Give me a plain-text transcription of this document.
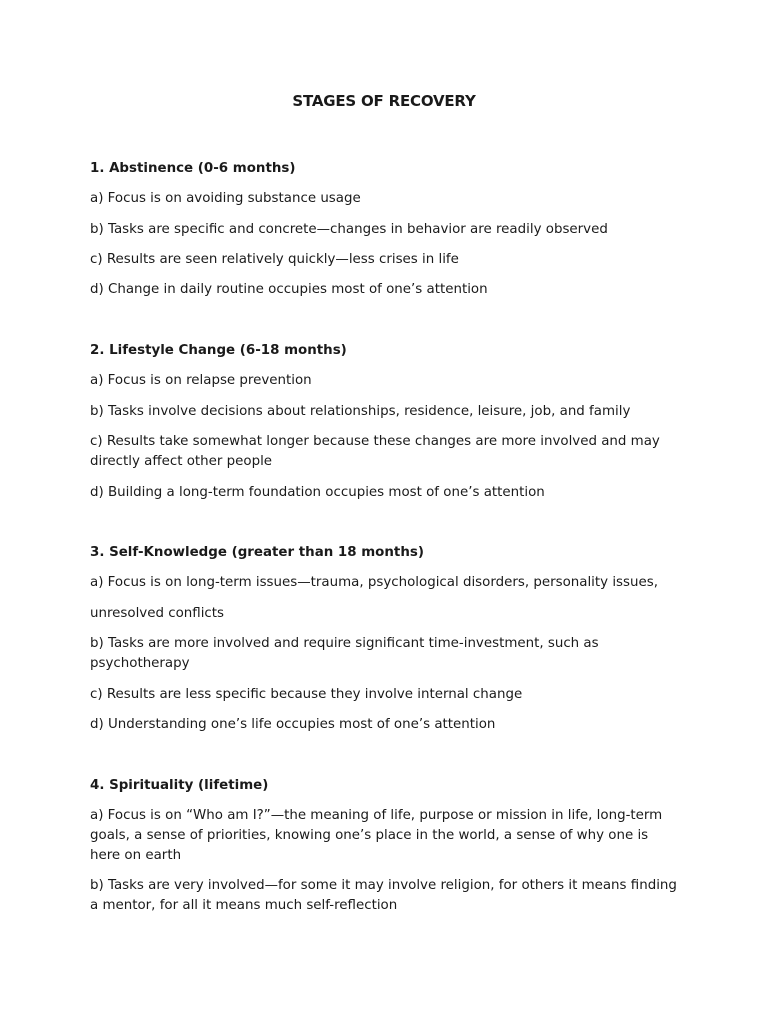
STAGES OF RECOVERY
1. Abstinence (0-6 months)
a) Focus is on avoiding substance usage
b) Tasks are specific and concrete—changes in behavior are readily observed
c) Results are seen relatively quickly—less crises in life
d) Change in daily routine occupies most of one’s attention
2. Lifestyle Change (6-18 months)
a) Focus is on relapse prevention
b) Tasks involve decisions about relationships, residence, leisure, job, and family
c) Results take somewhat longer because these changes are more involved and may directly affect other people
d) Building a long-term foundation occupies most of one’s attention
3. Self-Knowledge (greater than 18 months)
a) Focus is on long-term issues—trauma, psychological disorders, personality issues,
unresolved conflicts
b) Tasks are more involved and require significant time-investment, such as psychotherapy
c) Results are less specific because they involve internal change
d) Understanding one’s life occupies most of one’s attention
4. Spirituality (lifetime)
a) Focus is on “Who am I?”—the meaning of life, purpose or mission in life, long-term goals, a sense of priorities, knowing one’s place in the world, a sense of why one is here on earth
b) Tasks are very involved—for some it may involve religion, for others it means finding a mentor, for all it means much self-reflection
